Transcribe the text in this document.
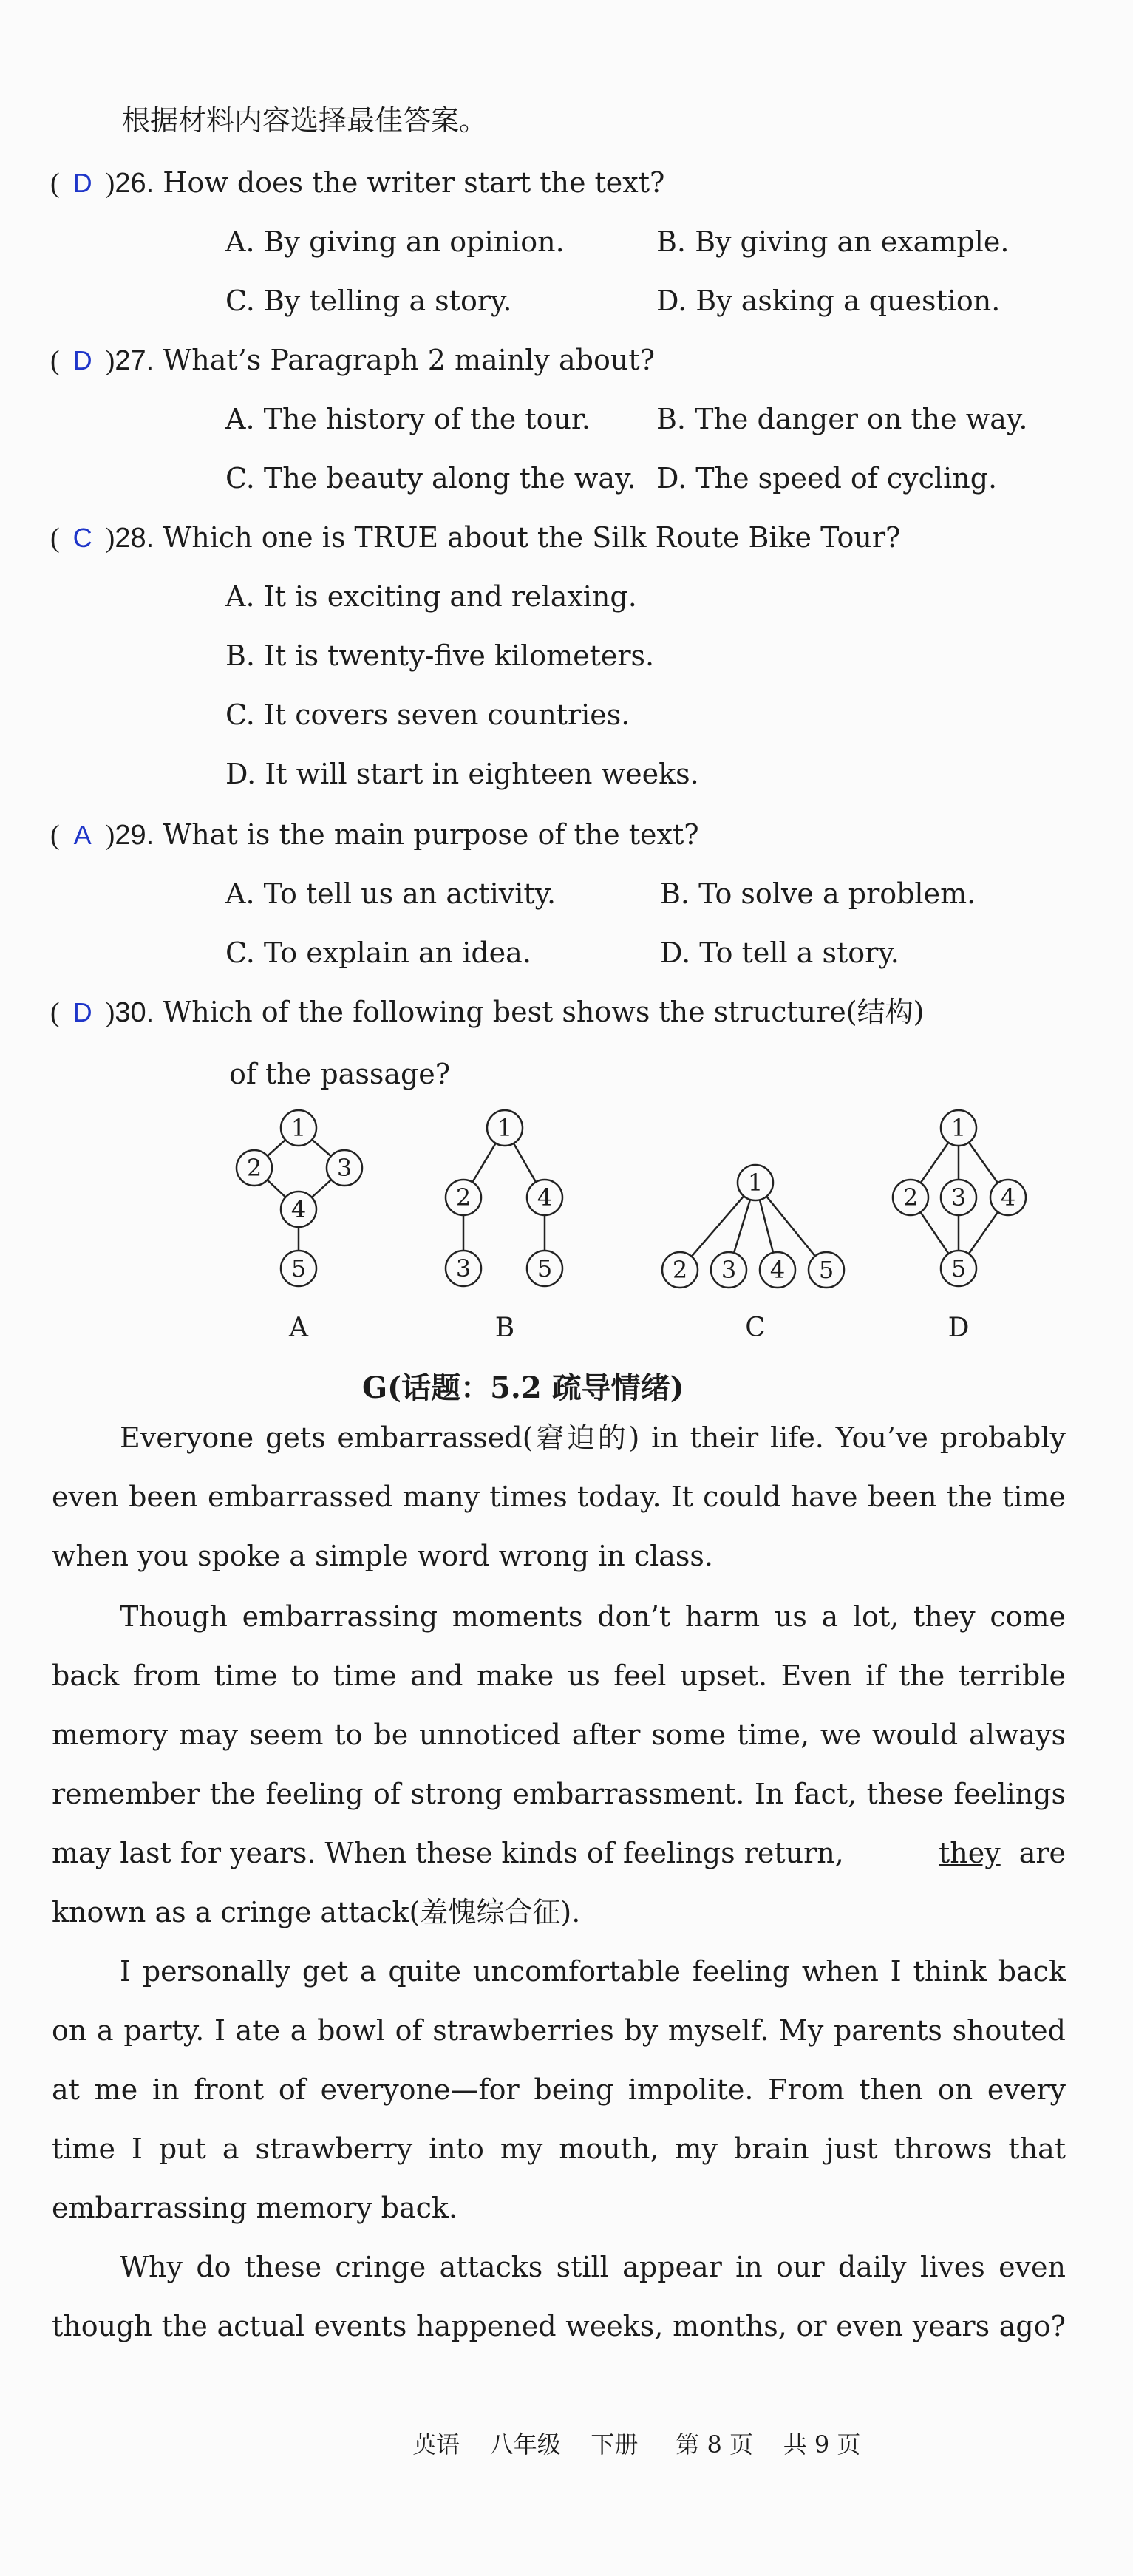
根据材料内容选择最佳答案。
( D )26. How does the writer start the text?
A. By giving an opinion.	B. By giving an example.
C. By telling a story.	D. By asking a question.
( D )27. What’s Paragraph 2 mainly about?
A. The history of the tour. B. The danger on the way.
C. The beauty along the way. D. The speed of cycling.
( C )28. Which one is TRUE about the Silk Route Bike Tour?
A. It is exciting and relaxing.
B. It is twenty-five kilometers.
C. It covers seven countries.
D. It will start in eighteen weeks.
( A )29. What is the main purpose of the text?
A. To tell us an activity.	B. To solve a problem.
C. To explain an idea.	D. To tell a story.
( D )30. Which of the following best shows the structure(结构)
of the passage?
1
2	3
4
5
1
2	4
3	5
1
2 3 4 5
1
2 3 4
5
A	B	C	D
G(话题：5.2 疏导情绪)
Everyone gets embarrassed(窘迫的) in their life. You’ve probably
even been embarrassed many times today. It could have been the time
when you spoke a simple word wrong in class.
Though embarrassing moments don’t harm us a lot, they come
back from time to time and make us feel upset. Even if the terrible
memory may seem to be unnoticed after some time, we would always
remember the feeling of strong embarrassment. In fact, these feelings
may last for years. When these kinds of feelings return,	they are
known as a cringe attack(羞愧综合征).
I personally get a quite uncomfortable feeling when I think back
on a party. I ate a bowl of strawberries by myself. My parents shouted
at me in front of everyone—for being impolite. From then on every
time I put a strawberry into my mouth, my brain just throws that
embarrassing memory back.
Why do these cringe attacks still appear in our daily lives even
though the actual events happened weeks, months, or even years ago?
英语 八年级 下册 第 8 页 共 9 页
